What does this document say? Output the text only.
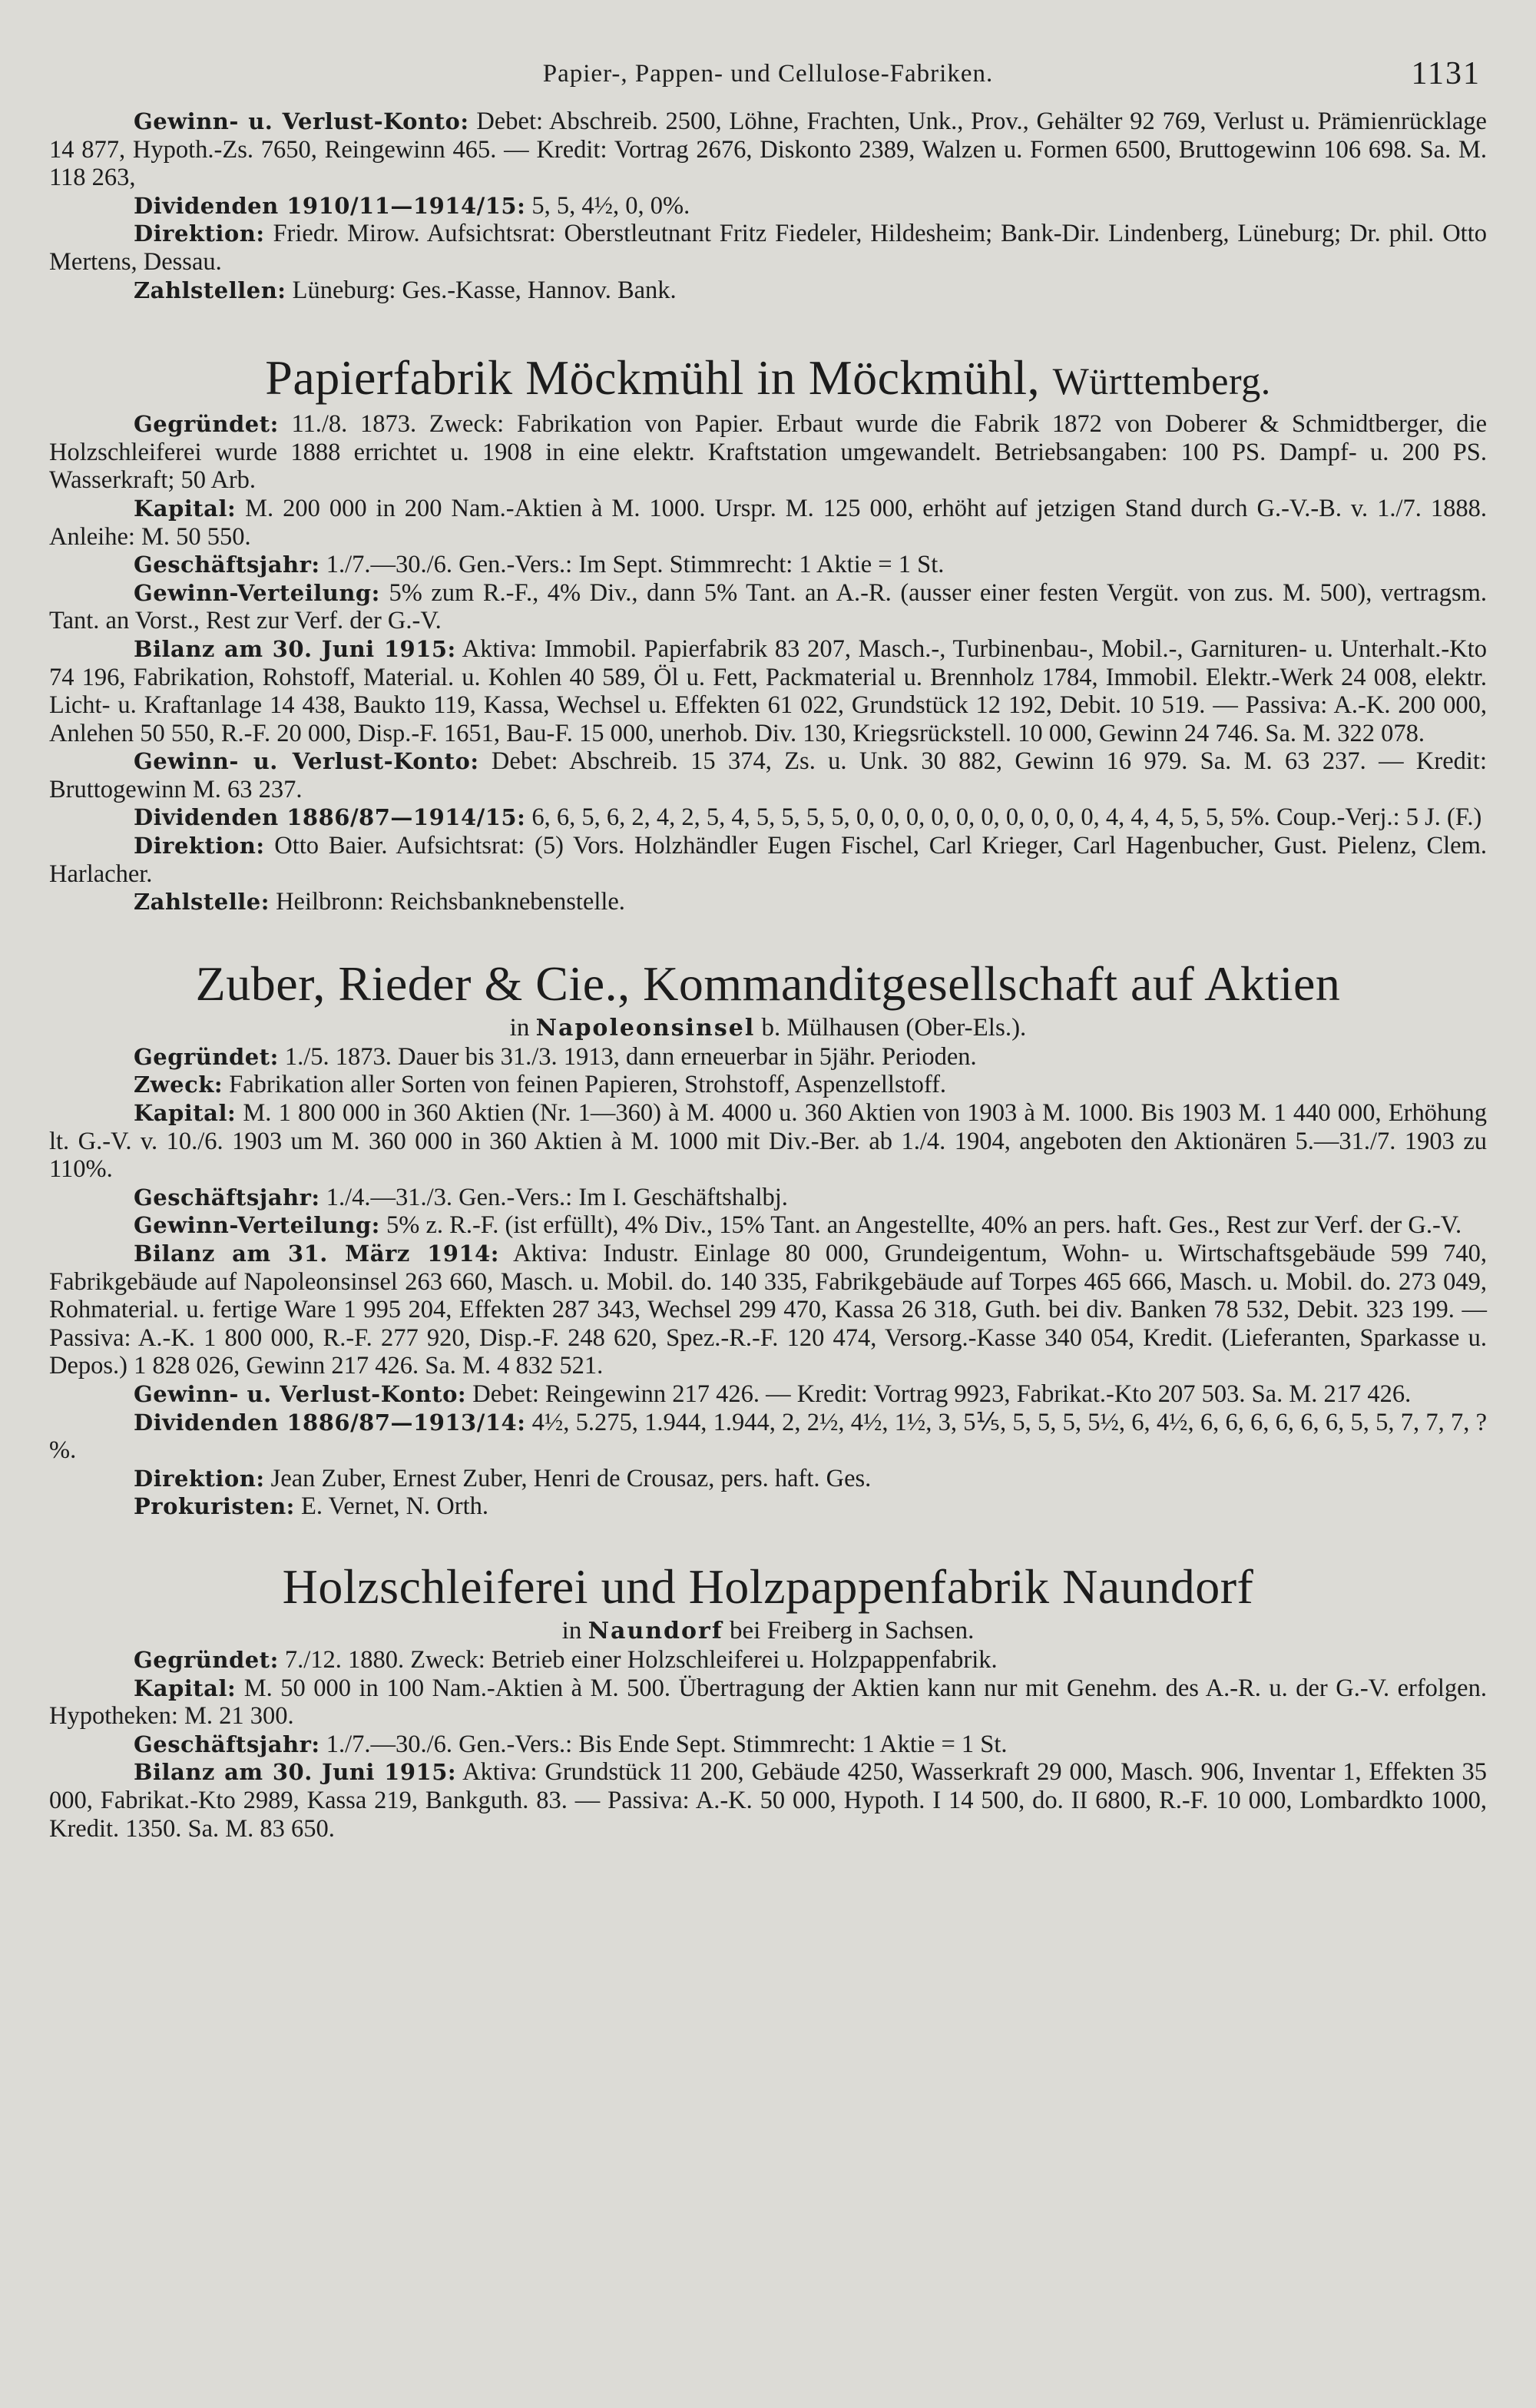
Papier-, Pappen- und Cellulose-Fabriken.	1131

Gewinn- u. Verlust-Konto: Debet: Abschreib. 2500, Löhne, Frachten, Unk., Prov., Gehälter 92 769, Verlust u. Prämienrücklage 14 877, Hypoth.-Zs. 7650, Reingewinn 465. — Kredit: Vortrag 2676, Diskonto 2389, Walzen u. Formen 6500, Bruttogewinn 106 698. Sa. M. 118 263,

Dividenden 1910/11—1914/15: 5, 5, 4½, 0, 0%.

Direktion: Friedr. Mirow. Aufsichtsrat: Oberstleutnant Fritz Fiedeler, Hildesheim; Bank-Dir. Lindenberg, Lüneburg; Dr. phil. Otto Mertens, Dessau.

Zahlstellen: Lüneburg: Ges.-Kasse, Hannov. Bank.

Papierfabrik Möckmühl in Möckmühl, Württemberg.

Gegründet: 11./8. 1873. Zweck: Fabrikation von Papier. Erbaut wurde die Fabrik 1872 von Doberer & Schmidtberger, die Holzschleiferei wurde 1888 errichtet u. 1908 in eine elektr. Kraftstation umgewandelt. Betriebsangaben: 100 PS. Dampf- u. 200 PS. Wasserkraft; 50 Arb.

Kapital: M. 200 000 in 200 Nam.-Aktien à M. 1000. Urspr. M. 125 000, erhöht auf jetzigen Stand durch G.-V.-B. v. 1./7. 1888. Anleihe: M. 50 550.

Geschäftsjahr: 1./7.—30./6. Gen.-Vers.: Im Sept. Stimmrecht: 1 Aktie = 1 St.

Gewinn-Verteilung: 5% zum R.-F., 4% Div., dann 5% Tant. an A.-R. (ausser einer festen Vergüt. von zus. M. 500), vertragsm. Tant. an Vorst., Rest zur Verf. der G.-V.

Bilanz am 30. Juni 1915: Aktiva: Immobil. Papierfabrik 83 207, Masch.-, Turbinenbau-, Mobil.-, Garnituren- u. Unterhalt.-Kto 74 196, Fabrikation, Rohstoff, Material. u. Kohlen 40 589, Öl u. Fett, Packmaterial u. Brennholz 1784, Immobil. Elektr.-Werk 24 008, elektr. Licht- u. Kraftanlage 14 438, Baukto 119, Kassa, Wechsel u. Effekten 61 022, Grundstück 12 192, Debit. 10 519. — Passiva: A.-K. 200 000, Anlehen 50 550, R.-F. 20 000, Disp.-F. 1651, Bau-F. 15 000, unerhob. Div. 130, Kriegsrückstell. 10 000, Gewinn 24 746. Sa. M. 322 078.

Gewinn- u. Verlust-Konto: Debet: Abschreib. 15 374, Zs. u. Unk. 30 882, Gewinn 16 979. Sa. M. 63 237. — Kredit: Bruttogewinn M. 63 237.

Dividenden 1886/87—1914/15: 6, 6, 5, 6, 2, 4, 2, 5, 4, 5, 5, 5, 5, 0, 0, 0, 0, 0, 0, 0, 0, 0, 0, 4, 4, 4, 5, 5, 5%. Coup.-Verj.: 5 J. (F.)

Direktion: Otto Baier. Aufsichtsrat: (5) Vors. Holzhändler Eugen Fischel, Carl Krieger, Carl Hagenbucher, Gust. Pielenz, Clem. Harlacher.

Zahlstelle: Heilbronn: Reichsbanknebenstelle.

Zuber, Rieder & Cie., Kommanditgesellschaft auf Aktien
in Napoleonsinsel b. Mülhausen (Ober-Els.).

Gegründet: 1./5. 1873. Dauer bis 31./3. 1913, dann erneuerbar in 5jähr. Perioden.

Zweck: Fabrikation aller Sorten von feinen Papieren, Strohstoff, Aspenzellstoff.

Kapital: M. 1 800 000 in 360 Aktien (Nr. 1—360) à M. 4000 u. 360 Aktien von 1903 à M. 1000. Bis 1903 M. 1 440 000, Erhöhung lt. G.-V. v. 10./6. 1903 um M. 360 000 in 360 Aktien à M. 1000 mit Div.-Ber. ab 1./4. 1904, angeboten den Aktionären 5.—31./7. 1903 zu 110%.

Geschäftsjahr: 1./4.—31./3. Gen.-Vers.: Im I. Geschäftshalbj.

Gewinn-Verteilung: 5% z. R.-F. (ist erfüllt), 4% Div., 15% Tant. an Angestellte, 40% an pers. haft. Ges., Rest zur Verf. der G.-V.

Bilanz am 31. März 1914: Aktiva: Industr. Einlage 80 000, Grundeigentum, Wohn- u. Wirtschaftsgebäude 599 740, Fabrikgebäude auf Napoleonsinsel 263 660, Masch. u. Mobil. do. 140 335, Fabrikgebäude auf Torpes 465 666, Masch. u. Mobil. do. 273 049, Rohmaterial. u. fertige Ware 1 995 204, Effekten 287 343, Wechsel 299 470, Kassa 26 318, Guth. bei div. Banken 78 532, Debit. 323 199. — Passiva: A.-K. 1 800 000, R.-F. 277 920, Disp.-F. 248 620, Spez.-R.-F. 120 474, Versorg.-Kasse 340 054, Kredit. (Lieferanten, Sparkasse u. Depos.) 1 828 026, Gewinn 217 426. Sa. M. 4 832 521.

Gewinn- u. Verlust-Konto: Debet: Reingewinn 217 426. — Kredit: Vortrag 9923, Fabrikat.-Kto 207 503. Sa. M. 217 426.

Dividenden 1886/87—1913/14: 4½, 5.275, 1.944, 1.944, 2, 2½, 4½, 1½, 3, 5⅕, 5, 5, 5, 5½, 6, 4½, 6, 6, 6, 6, 6, 6, 5, 5, 7, 7, 7, ?%.

Direktion: Jean Zuber, Ernest Zuber, Henri de Crousaz, pers. haft. Ges.

Prokuristen: E. Vernet, N. Orth.

Holzschleiferei und Holzpappenfabrik Naundorf
in Naundorf bei Freiberg in Sachsen.

Gegründet: 7./12. 1880. Zweck: Betrieb einer Holzschleiferei u. Holzpappenfabrik.

Kapital: M. 50 000 in 100 Nam.-Aktien à M. 500. Übertragung der Aktien kann nur mit Genehm. des A.-R. u. der G.-V. erfolgen. Hypotheken: M. 21 300.

Geschäftsjahr: 1./7.—30./6. Gen.-Vers.: Bis Ende Sept. Stimmrecht: 1 Aktie = 1 St.

Bilanz am 30. Juni 1915: Aktiva: Grundstück 11 200, Gebäude 4250, Wasserkraft 29 000, Masch. 906, Inventar 1, Effekten 35 000, Fabrikat.-Kto 2989, Kassa 219, Bankguth. 83. — Passiva: A.-K. 50 000, Hypoth. I 14 500, do. II 6800, R.-F. 10 000, Lombardkto 1000, Kredit. 1350. Sa. M. 83 650.
